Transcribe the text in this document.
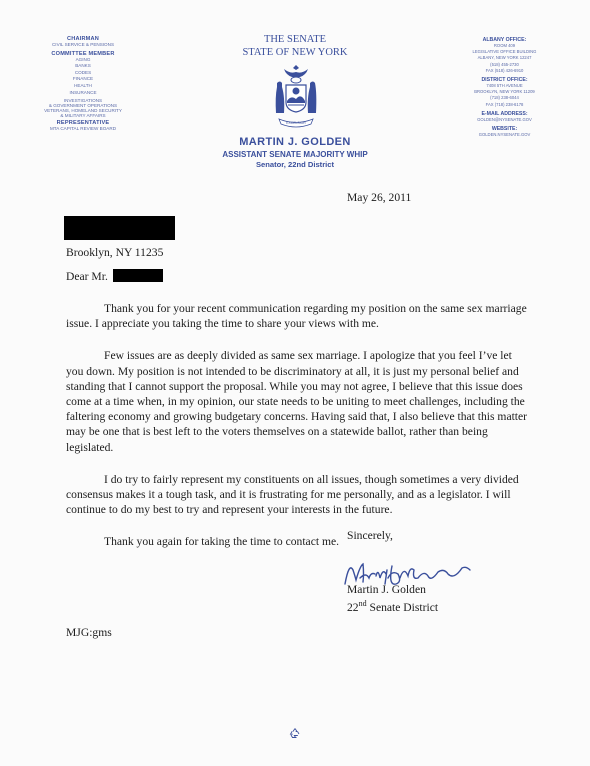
CHAIRMAN
CIVIL SERVICE & PENSIONS
COMMITTEE MEMBER
AGING
BANKS
CODES
FINANCE
HEALTH
INSURANCE
INVESTIGATIONS
& GOVERNMENT OPERATIONS
VETERANS, HOMELAND SECURITY
& MILITARY AFFAIRS
REPRESENTATIVE
MTA CAPITAL REVIEW BOARD
THE SENATE
STATE OF NEW YORK
EXCELSIOR
MARTIN J. GOLDEN
ASSISTANT SENATE MAJORITY WHIP
Senator, 22nd District
ALBANY OFFICE:
ROOM 409
LEGISLATIVE OFFICE BUILDING
ALBANY, NEW YORK 12247
(518) 455-2730
FAX (518) 426-6910
DISTRICT OFFICE:
7408 5TH AVENUE
BROOKLYN, NEW YORK 11209
(718) 238-6044
FAX (718) 238-6178
E-MAIL ADDRESS:
GOLDEN@NYSENATE.GOV
WEBSITE:
GOLDEN.NYSENATE.GOV
May 26, 2011
Brooklyn, NY 11235
Dear Mr.

Thank you for your recent communication regarding my position on the same sex marriage issue. I appreciate you taking the time to share your views with me.

Few issues are as deeply divided as same sex marriage. I apologize that you feel I’ve let you down. My position is not intended to be discriminatory at all, it is just my personal belief and standing that I cannot support the proposal. While you may not agree, I believe that this issue does come at a time when, in my opinion, our state needs to be uniting to meet challenges, including the faltering economy and growing budgetary concerns. Having said that, I also believe that this matter may be one that is best left to the voters themselves on a statewide ballot, rather than being legislated.

I do try to fairly represent my constituents on all issues, though sometimes a very divided consensus makes it a tough task, and it is frustrating for me personally, and as a legislator. I will continue to do my best to try and represent your interests in the future.

Thank you again for taking the time to contact me. Sincerely,
Martin J. Golden
22nd Senate District
MJG:gms
